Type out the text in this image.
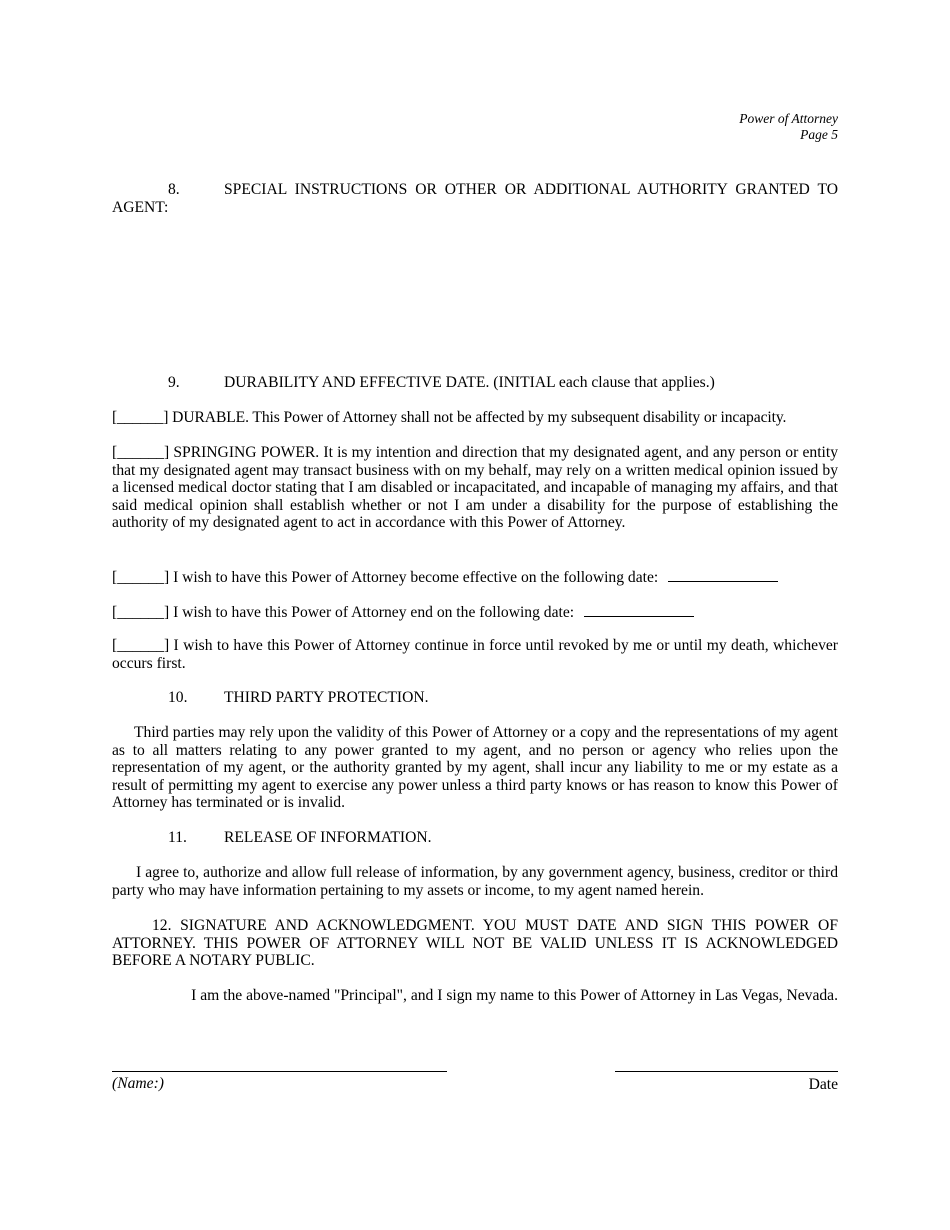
Power of Attorney
Page 5
8.	SPECIAL INSTRUCTIONS OR OTHER OR ADDITIONAL AUTHORITY GRANTED TO
AGENT:
9.	DURABILITY AND EFFECTIVE DATE. (INITIAL each clause that applies.)
[______] DURABLE. This Power of Attorney shall not be affected by my subsequent disability or incapacity.
[______] SPRINGING POWER. It is my intention and direction that my designated agent, and any person or entity that my designated agent may transact business with on my behalf, may rely on a written medical opinion issued by a licensed medical doctor stating that I am disabled or incapacitated, and incapable of managing my affairs, and that said medical opinion shall establish whether or not I am under a disability for the purpose of establishing the authority of my designated agent to act in accordance with this Power of Attorney.
[______] I wish to have this Power of Attorney become effective on the following date:
[______] I wish to have this Power of Attorney end on the following date:
[______] I wish to have this Power of Attorney continue in force until revoked by me or until my death, whichever occurs first.
10. THIRD PARTY PROTECTION.
Third parties may rely upon the validity of this Power of Attorney or a copy and the representations of my agent as to all matters relating to any power granted to my agent, and no person or agency who relies upon the representation of my agent, or the authority granted by my agent, shall incur any liability to me or my estate as a result of permitting my agent to exercise any power unless a third party knows or has reason to know this Power of Attorney has terminated or is invalid.
11. RELEASE OF INFORMATION.
I agree to, authorize and allow full release of information, by any government agency, business, creditor or third party who may have information pertaining to my assets or income, to my agent named herein.
12. SIGNATURE AND ACKNOWLEDGMENT. YOU MUST DATE AND SIGN THIS POWER OF ATTORNEY. THIS POWER OF ATTORNEY WILL NOT BE VALID UNLESS IT IS ACKNOWLEDGED BEFORE A NOTARY PUBLIC.
I am the above-named "Principal", and I sign my name to this Power of Attorney in Las Vegas, Nevada.
(Name:)	Date
